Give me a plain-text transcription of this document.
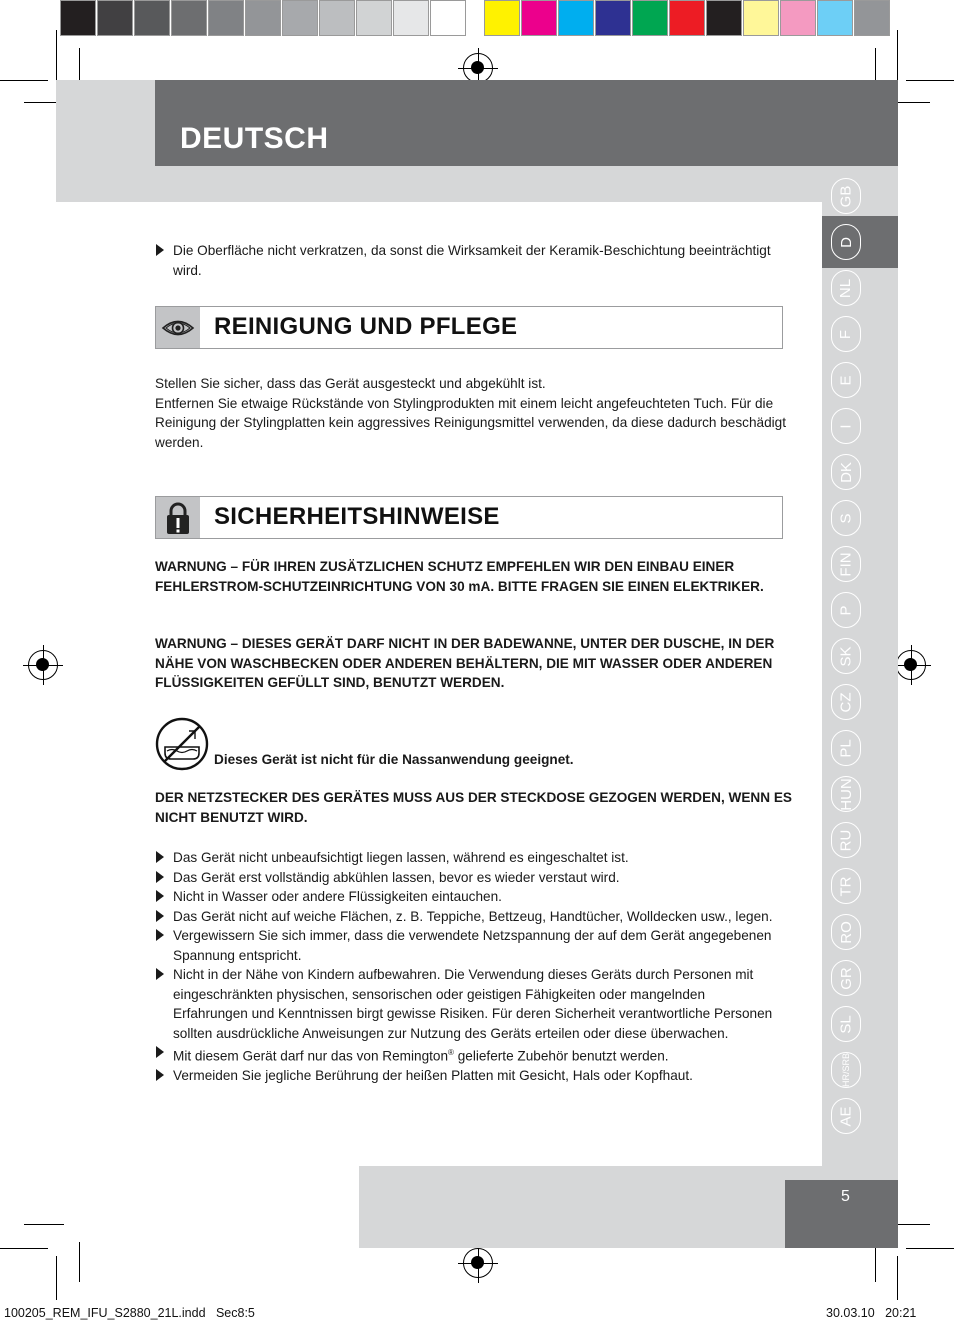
DEUTSCH
GB
D
NL
F
E
I
DK
S
FIN
P
SK
CZ
PL
HUN
RU
TR
RO
GR
SL
HR/SRB
AE
Die Oberfläche nicht verkratzen, da sonst die Wirksamkeit der Keramik-Beschichtung beeinträchtigt wird.
REINIGUNG UND PFLEGE
Stellen Sie sicher, dass das Gerät ausgesteckt und abgekühlt ist.
Entfernen Sie etwaige Rückstände von Stylingprodukten mit einem leicht angefeuchteten Tuch. Für die Reinigung der Stylingplatten kein aggressives Reinigungsmittel verwenden, da diese dadurch beschädigt werden.
SICHERHEITSHINWEISE
WARNUNG – FÜR IHREN ZUSÄTZLICHEN SCHUTZ EMPFEHLEN WIR DEN EINBAU EINER FEHLERSTROM-SCHUTZEINRICHTUNG VON 30 mA. BITTE FRAGEN SIE EINEN ELEKTRIKER.
WARNUNG – DIESES GERÄT DARF NICHT IN DER BADEWANNE, UNTER DER DUSCHE, IN DER NÄHE VON WASCHBECKEN ODER ANDEREN BEHÄLTERN, DIE MIT WASSER ODER ANDEREN FLÜSSIGKEITEN GEFÜLLT SIND, BENUTZT WERDEN.
Dieses Gerät ist nicht für die Nassanwendung geeignet.
DER NETZSTECKER DES GERÄTES MUSS AUS DER STECKDOSE GEZOGEN WERDEN, WENN ES NICHT BENUTZT WIRD.
Das Gerät nicht unbeaufsichtigt liegen lassen, während es eingeschaltet ist.
Das Gerät erst vollständig abkühlen lassen, bevor es wieder verstaut wird.
Nicht in Wasser oder andere Flüssigkeiten eintauchen.
Das Gerät nicht auf weiche Flächen, z. B. Teppiche, Bettzeug, Handtücher, Wolldecken usw., legen.
Vergewissern Sie sich immer, dass die verwendete Netzspannung der auf dem Gerät angegebenen Spannung entspricht.
Nicht in der Nähe von Kindern aufbewahren. Die Verwendung dieses Geräts durch Personen mit eingeschränkten physischen, sensorischen oder geistigen Fähigkeiten oder mangelnden Erfahrungen und Kenntnissen birgt gewisse Risiken. Für deren Sicherheit verantwortliche Personen sollten ausdrückliche Anweisungen zur Nutzung des Geräts erteilen oder diese überwachen.
Mit diesem Gerät darf nur das von Remington® gelieferte Zubehör benutzt werden.
Vermeiden Sie jegliche Berührung der heißen Platten mit Gesicht, Hals oder Kopfhaut.
5
100205_REM_IFU_S2880_21L.indd   Sec8:5	30.03.10   20:21
